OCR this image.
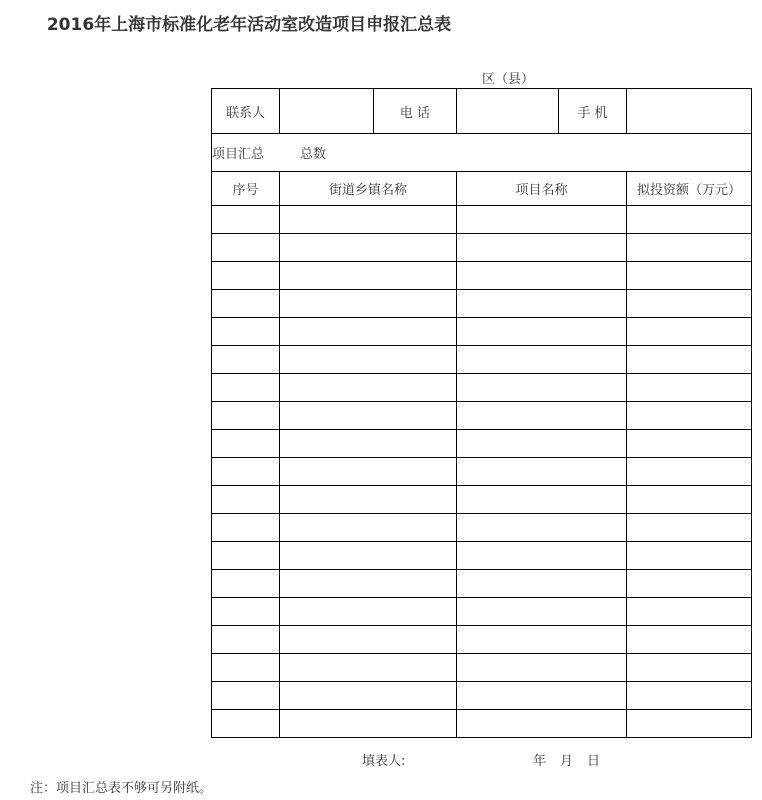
2016年上海市标准化老年活动室改造项目申报汇总表
区（县）
联系人		电 话		手 机	
项目汇总 总数					
序号	街道乡镇名称		项目名称		拟投资额（万元）

填表人:	年 月 日
注：项目汇总表不够可另附纸。
